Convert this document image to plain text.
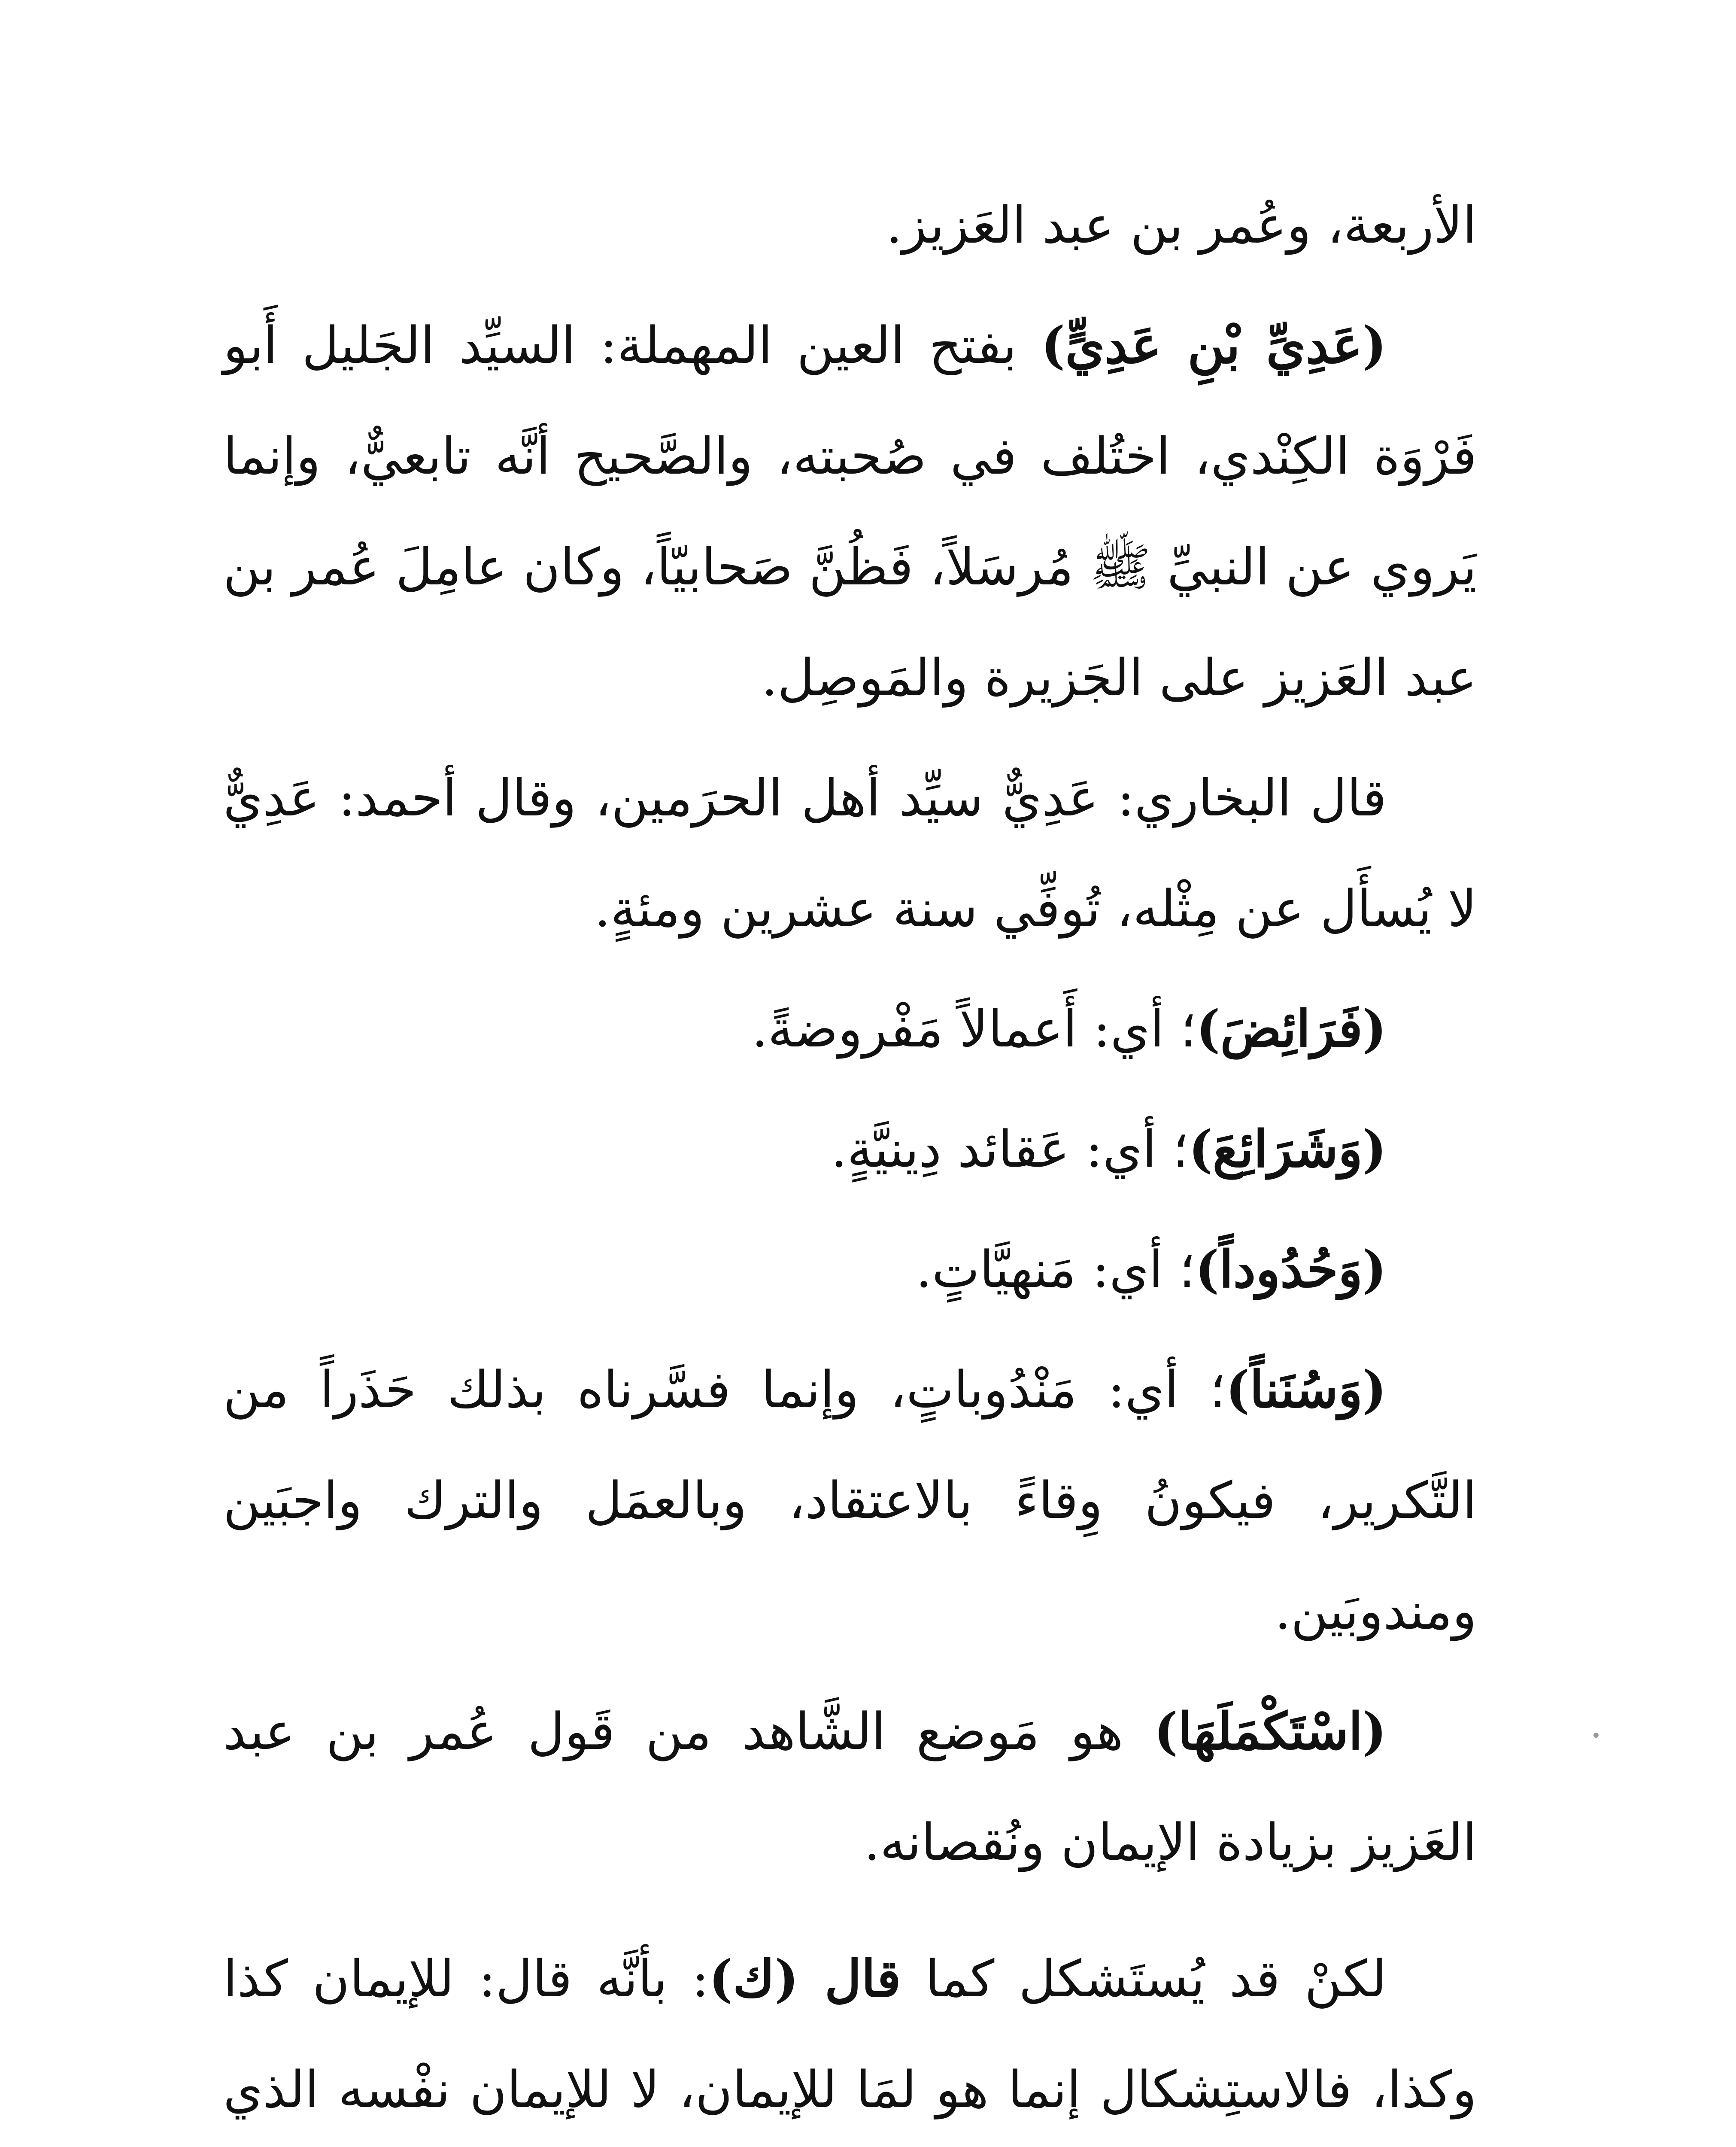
الأربعة، وعُمر بن عبد العَزيز.

(عَدِيِّ بْنِ عَدِيٍّ) بفتح العين المهملة: السيِّد الجَليل أَبو فَرْوَة الكِنْدي، اختُلف في صُحبته، والصَّحيح أنَّه تابعيٌّ، وإنما يَروي عن النبيِّ ﷺ مُرسَلاً، فَظُنَّ صَحابيّاً، وكان عامِلَ عُمر بن عبد العَزيز على الجَزيرة والمَوصِل.

قال البخاري: عَدِيٌّ سيِّد أهل الحرَمين، وقال أحمد: عَدِيٌّ لا يُسأَل عن مِثْله، تُوفِّي سنة عشرين ومئةٍ.

(فَرَائِضَ)؛ أي: أَعمالاً مَفْروضةً.

(وَشَرَائِعَ)؛ أي: عَقائد دِينيَّةٍ.

(وَحُدُوداً)؛ أي: مَنهيَّاتٍ.

(وَسُنَناً)؛ أي: مَنْدُوباتٍ، وإنما فسَّرناه بذلك حَذَراً من التَّكرير، فيكونُ وِقاءً بالاعتقاد، وبالعمَل والترك واجبَين ومندوبَين.

(اسْتَكْمَلَهَا) هو مَوضع الشَّاهد من قَول عُمر بن عبد العَزيز بزيادة الإيمان ونُقصانه.

لكنْ قد يُستَشكل كما قال (ك): بأنَّه قال: للإيمان كذا وكذا، فالاستِشكال إنما هو لمَا للإيمان، لا للإيمان نفْسه الذي
